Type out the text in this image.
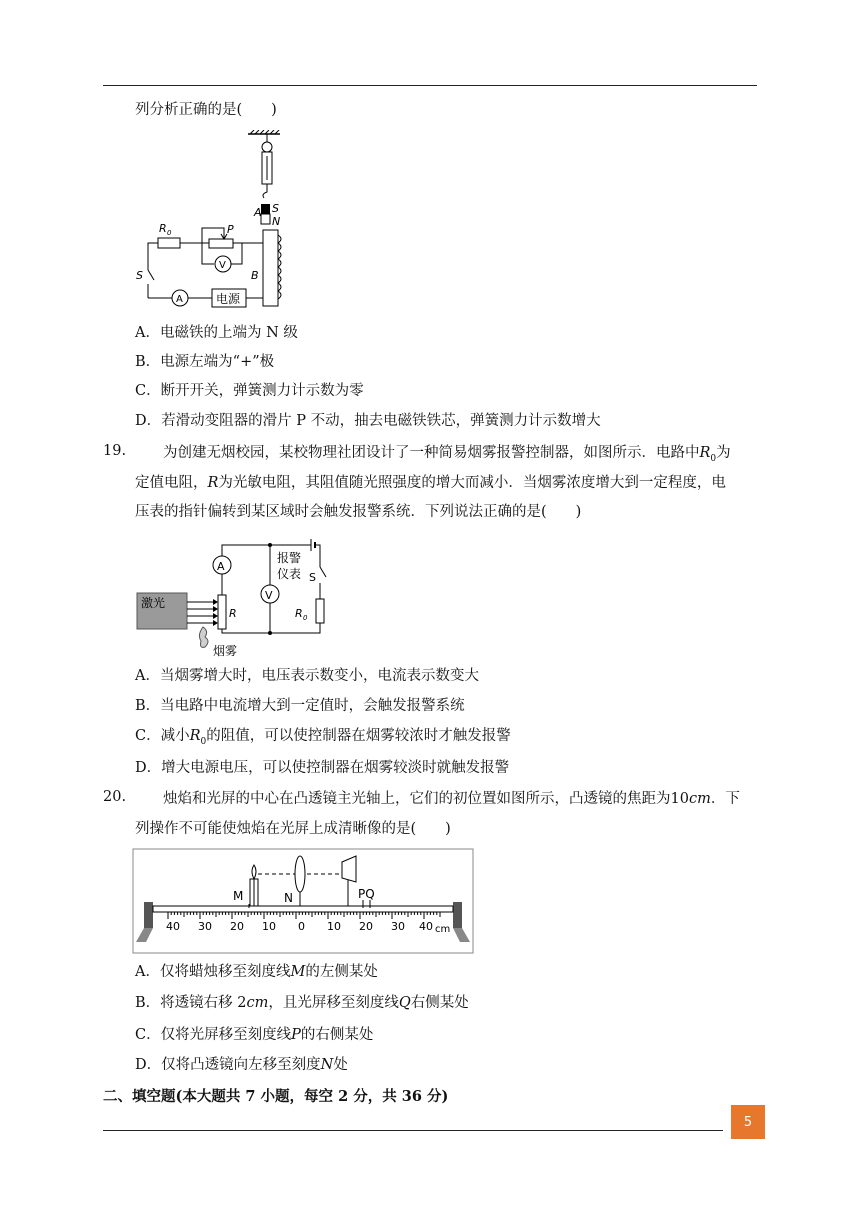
列分析正确的是(　　)
A S
N
B
R 0	P
V
S
A	电源
A．电磁铁的上端为 N 级
B．电源左端为“+”极
C．断开开关，弹簧测力计示数为零
D．若滑动变阻器的滑片 P 不动，抽去电磁铁铁芯，弹簧测力计示数增大
19.	为创建无烟校园，某校物理社团设计了一种简易烟雾报警控制器，如图所示．电路中$R_0$为
定值电阻，R为光敏电阻，其阻值随光照强度的增大而减小．当烟雾浓度增大到一定程度，电
压表的指针偏转到某区域时会触发报警系统．下列说法正确的是(　　)
激光
R
A
V
报警
仪表 S
R 0
烟雾
A．当烟雾增大时，电压表示数变小，电流表示数变大
B．当电路中电流增大到一定值时，会触发报警系统
C．减小$R_0$的阻值，可以使控制器在烟雾较浓时才触发报警
D．增大电源电压，可以使控制器在烟雾较淡时就触发报警
20.	烛焰和光屏的中心在凸透镜主光轴上，它们的初位置如图所示，凸透镜的焦距为10cm．下
列操作不可能使烛焰在光屏上成清晰像的是(　　)
40 30 20 10 0 10 20 30 40 cm
M	N	PQ
A．仅将蜡烛移至刻度线M的左侧某处
B．将透镜右移 2cm，且光屏移至刻度线Q右侧某处
C．仅将光屏移至刻度线P的右侧某处
D．仅将凸透镜向左移至刻度N处
二、填空题(本大题共 7 小题，每空 2 分，共 36 分)
5
